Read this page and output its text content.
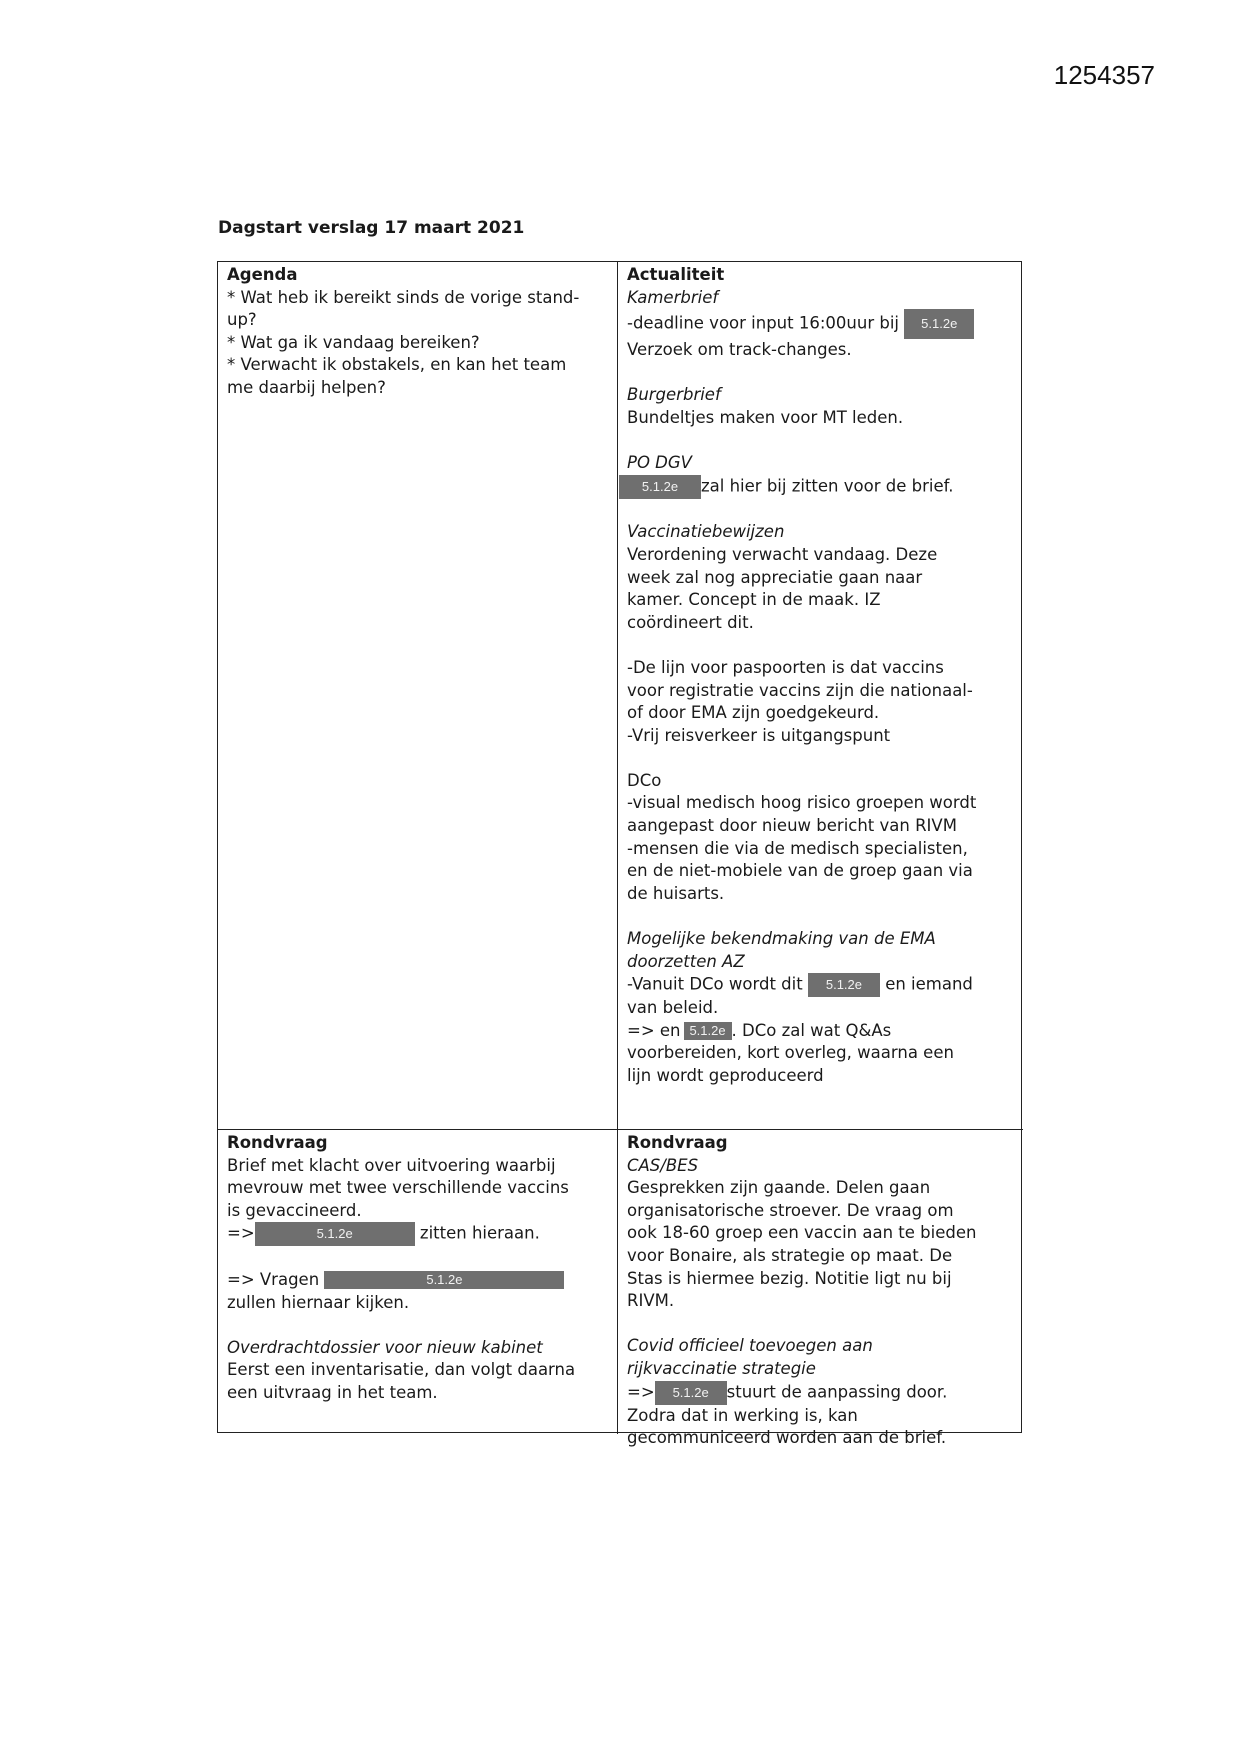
1254357
Dagstart verslag 17 maart 2021
Agenda
* Wat heb ik bereikt sinds de vorige stand-
up?
* Wat ga ik vandaag bereiken?
* Verwacht ik obstakels, en kan het team
me daarbij helpen?
Actualiteit
Kamerbrief
-deadline voor input 16:00uur bij 5.1.2e
Verzoek om track-changes.
Burgerbrief
Bundeltjes maken voor MT leden.
PO DGV
5.1.2e zal hier bij zitten voor de brief.
Vaccinatiebewijzen
Verordening verwacht vandaag. Deze
week zal nog appreciatie gaan naar
kamer. Concept in de maak. IZ
coördineert dit.
-De lijn voor paspoorten is dat vaccins
voor registratie vaccins zijn die nationaal-
of door EMA zijn goedgekeurd.
-Vrij reisverkeer is uitgangspunt
DCo
-visual medisch hoog risico groepen wordt
aangepast door nieuw bericht van RIVM
-mensen die via de medisch specialisten,
en de niet-mobiele van de groep gaan via
de huisarts.
Mogelijke bekendmaking van de EMA
doorzetten AZ
-Vanuit DCo wordt dit 5.1.2e en iemand
van beleid.
=> en 5.1.2e . DCo zal wat Q&As
voorbereiden, kort overleg, waarna een
lijn wordt geproduceerd
Rondvraag
Brief met klacht over uitvoering waarbij
mevrouw met twee verschillende vaccins
is gevaccineerd.
=>	5.1.2e	zitten hieraan.
=> Vragen	5.1.2e
zullen hiernaar kijken.
Overdrachtdossier voor nieuw kabinet
Eerst een inventarisatie, dan volgt daarna
een uitvraag in het team.
Rondvraag
CAS/BES
Gesprekken zijn gaande. Delen gaan
organisatorische stroever. De vraag om
ook 18-60 groep een vaccin aan te bieden
voor Bonaire, als strategie op maat. De
Stas is hiermee bezig. Notitie ligt nu bij
RIVM.
Covid officieel toevoegen aan
rijkvaccinatie strategie
=> 5.1.2e stuurt de aanpassing door.
Zodra dat in werking is, kan
gecommuniceerd worden aan de brief.
